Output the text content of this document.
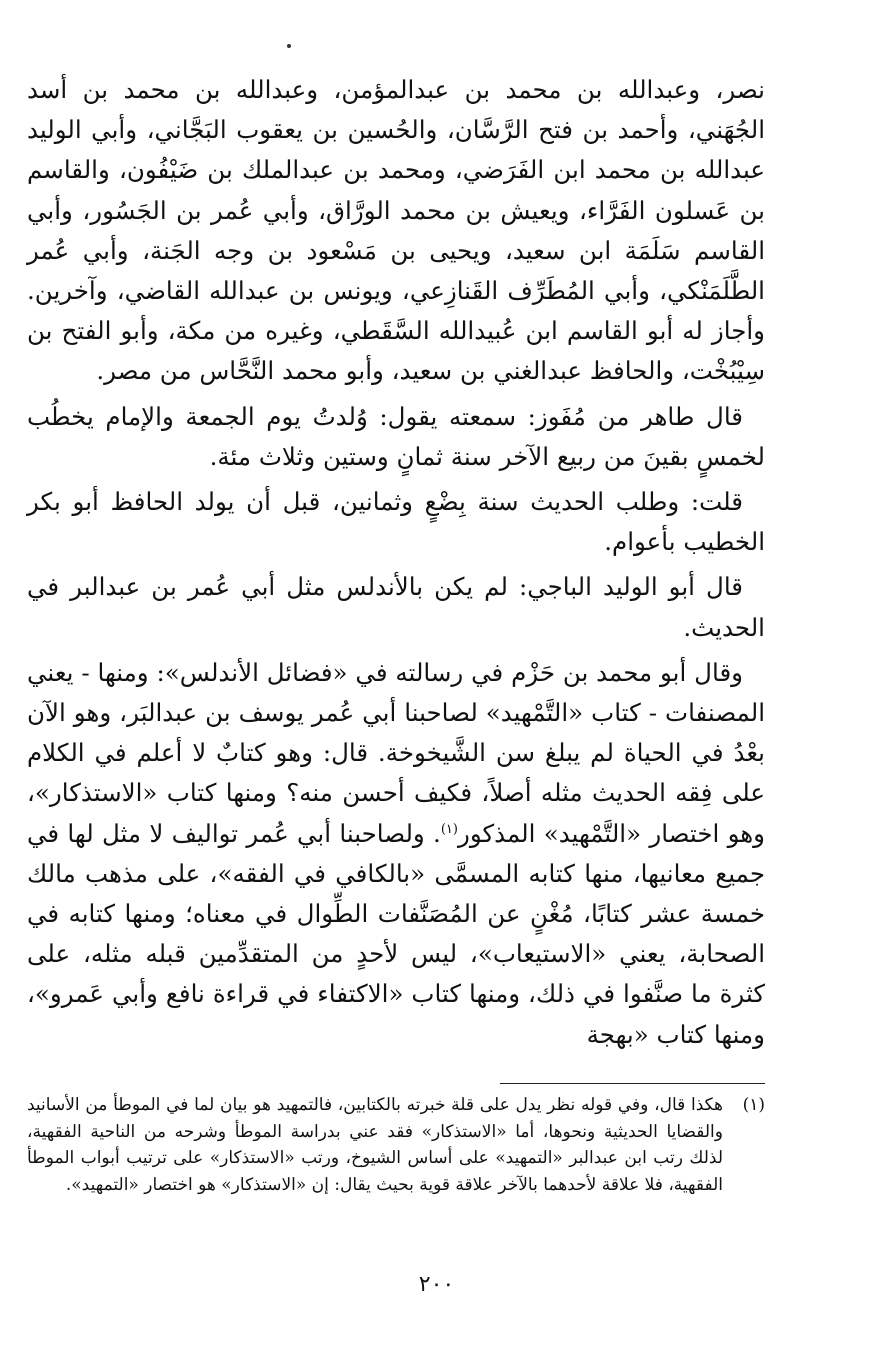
نصر، وعبدالله بن محمد بن عبدالمؤمن، وعبدالله بن محمد بن أسد الجُهَني، وأحمد بن فتح الرَّسَّان، والحُسين بن يعقوب البَجَّاني، وأبي الوليد عبدالله بن محمد ابن الفَرَضي، ومحمد بن عبدالملك بن ضَيْفُون، والقاسم بن عَسلون الفَرَّاء، ويعيش بن محمد الورَّاق، وأبي عُمر بن الجَسُور، وأبي القاسم سَلَمَة ابن سعيد، ويحيى بن مَسْعود بن وجه الجَنة، وأبي عُمر الطَّلَمَنْكي، وأبي المُطَرِّف القَنازِعي، ويونس بن عبدالله القاضي، وآخرين. وأجاز له أبو القاسم ابن عُبيدالله السَّقَطي، وغيره من مكة، وأبو الفتح بن سِيْبُخْت، والحافظ عبدالغني بن سعيد، وأبو محمد النَّحَّاس من مصر.

قال طاهر من مُفَوز: سمعته يقول: وُلدتُ يوم الجمعة والإمام يخطُب لخمسٍ بقينَ من ربيع الآخر سنة ثمانٍ وستين وثلاث مئة.

قلت: وطلب الحديث سنة بِضْعٍ وثمانين، قبل أن يولد الحافظ أبو بكر الخطيب بأعوام.

قال أبو الوليد الباجي: لم يكن بالأندلس مثل أبي عُمر بن عبدالبر في الحديث.

وقال أبو محمد بن حَزْم في رسالته في «فضائل الأندلس»: ومنها - يعني المصنفات - كتاب «التَّمْهيد» لصاحبنا أبي عُمر يوسف بن عبدالبَر، وهو الآن بعْدُ في الحياة لم يبلغ سن الشَّيخوخة. قال: وهو كتابٌ لا أعلم في الكلام على فِقه الحديث مثله أصلاً، فكيف أحسن منه؟ ومنها كتاب «الاستذكار»، وهو اختصار «التَّمْهيد» المذكور$^{(١)}$. ولصاحبنا أبي عُمر تواليف لا مثل لها في جميع معانيها، منها كتابه المسمَّى «بالكافي في الفقه»، على مذهب مالك خمسة عشر كتابًا، مُغْنٍ عن المُصَنَّفات الطِّوال في معناه؛ ومنها كتابه في الصحابة، يعني «الاستيعاب»، ليس لأحدٍ من المتقدِّمين قبله مثله، على كثرة ما صنَّفوا في ذلك، ومنها كتاب «الاكتفاء في قراءة نافع وأبي عَمرو»، ومنها كتاب «بهجة

(١)
هكذا قال، وفي قوله نظر يدل على قلة خبرته بالكتابين، فالتمهيد هو بيان لما في الموطأ من الأسانيد والقضايا الحديثية ونحوها، أما «الاستذكار» فقد عني بدراسة الموطأ وشرحه من الناحية الفقهية، لذلك رتب ابن عبدالبر «التمهيد» على أساس الشيوخ، ورتب «الاستذكار» على ترتيب أبواب الموطأ الفقهية، فلا علاقة لأحدهما بالآخر علاقة قوية بحيث يقال: إن «الاستذكار» هو اختصار «التمهيد».
٢٠٠
